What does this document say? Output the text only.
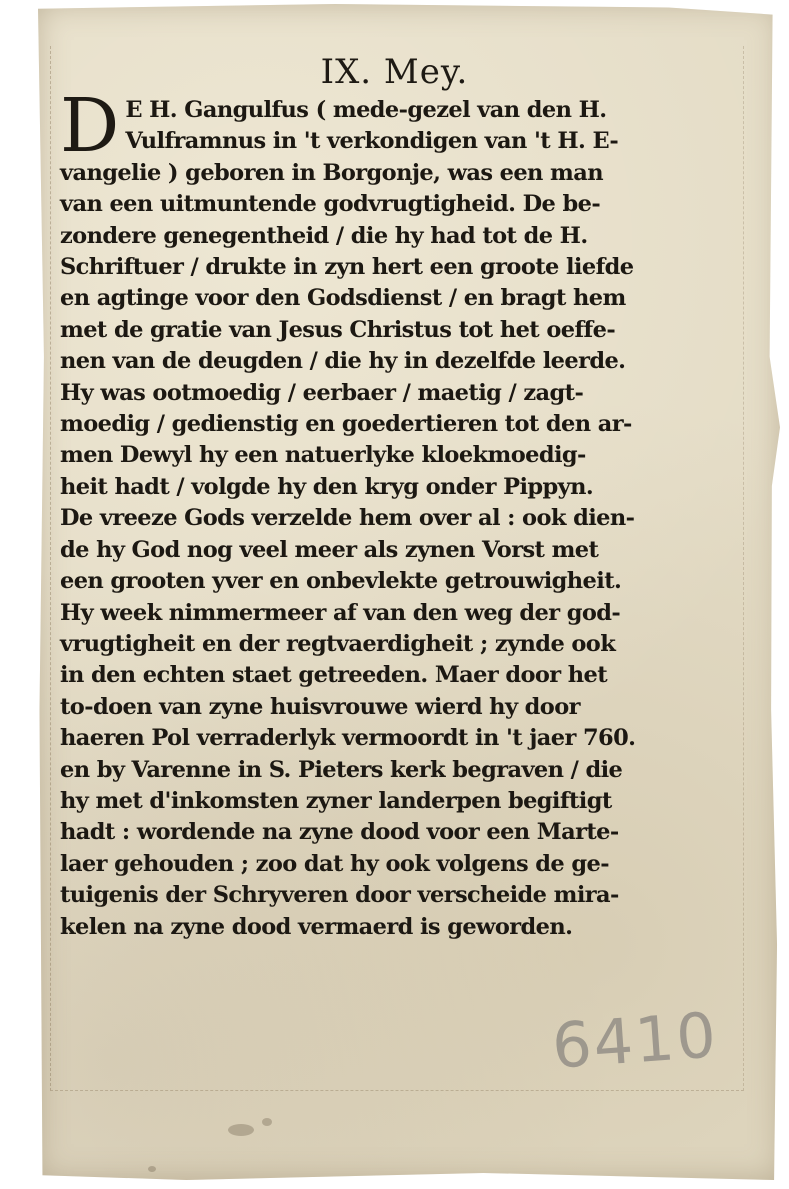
IX. Mey.
D E H. Gangulfus ( mede-gezel van den H.
Vulframnus in 't verkondigen van 't H. E-
vangelie ) geboren in Borgonje, was een man
van een uitmuntende godvrugtigheid. De be-
zondere genegentheid / die hy had tot de H.
Schriftuer / drukte in zyn hert een groote liefde
en agtinge voor den Godsdienst / en bragt hem
met de gratie van Jesus Christus tot het oeffe-
nen van de deugden / die hy in dezelfde leerde.
Hy was ootmoedig / eerbaer / maetig / zagt-
moedig / gedienstig en goedertieren tot den ar-
men Dewyl hy een natuerlyke kloekmoedig-
heit hadt / volgde hy den kryg onder Pippyn.
De vreeze Gods verzelde hem over al : ook dien-
de hy God nog veel meer als zynen Vorst met
een grooten yver en onbevlekte getrouwigheit.
Hy week nimmermeer af van den weg der god-
vrugtigheit en der regtvaerdigheit ; zynde ook
in den echten staet getreeden. Maer door het
to-doen van zyne huisvrouwe wierd hy door
haeren Pol verraderlyk vermoordt in 't jaer 760.
en by Varenne in S. Pieters kerk begraven / die
hy met d'inkomsten zyner landerpen begiftigt
hadt : wordende na zyne dood voor een Marte-
laer gehouden ; zoo dat hy ook volgens de ge-
tuigenis der Schryveren door verscheide mira-
kelen na zyne dood vermaerd is geworden.
6410
